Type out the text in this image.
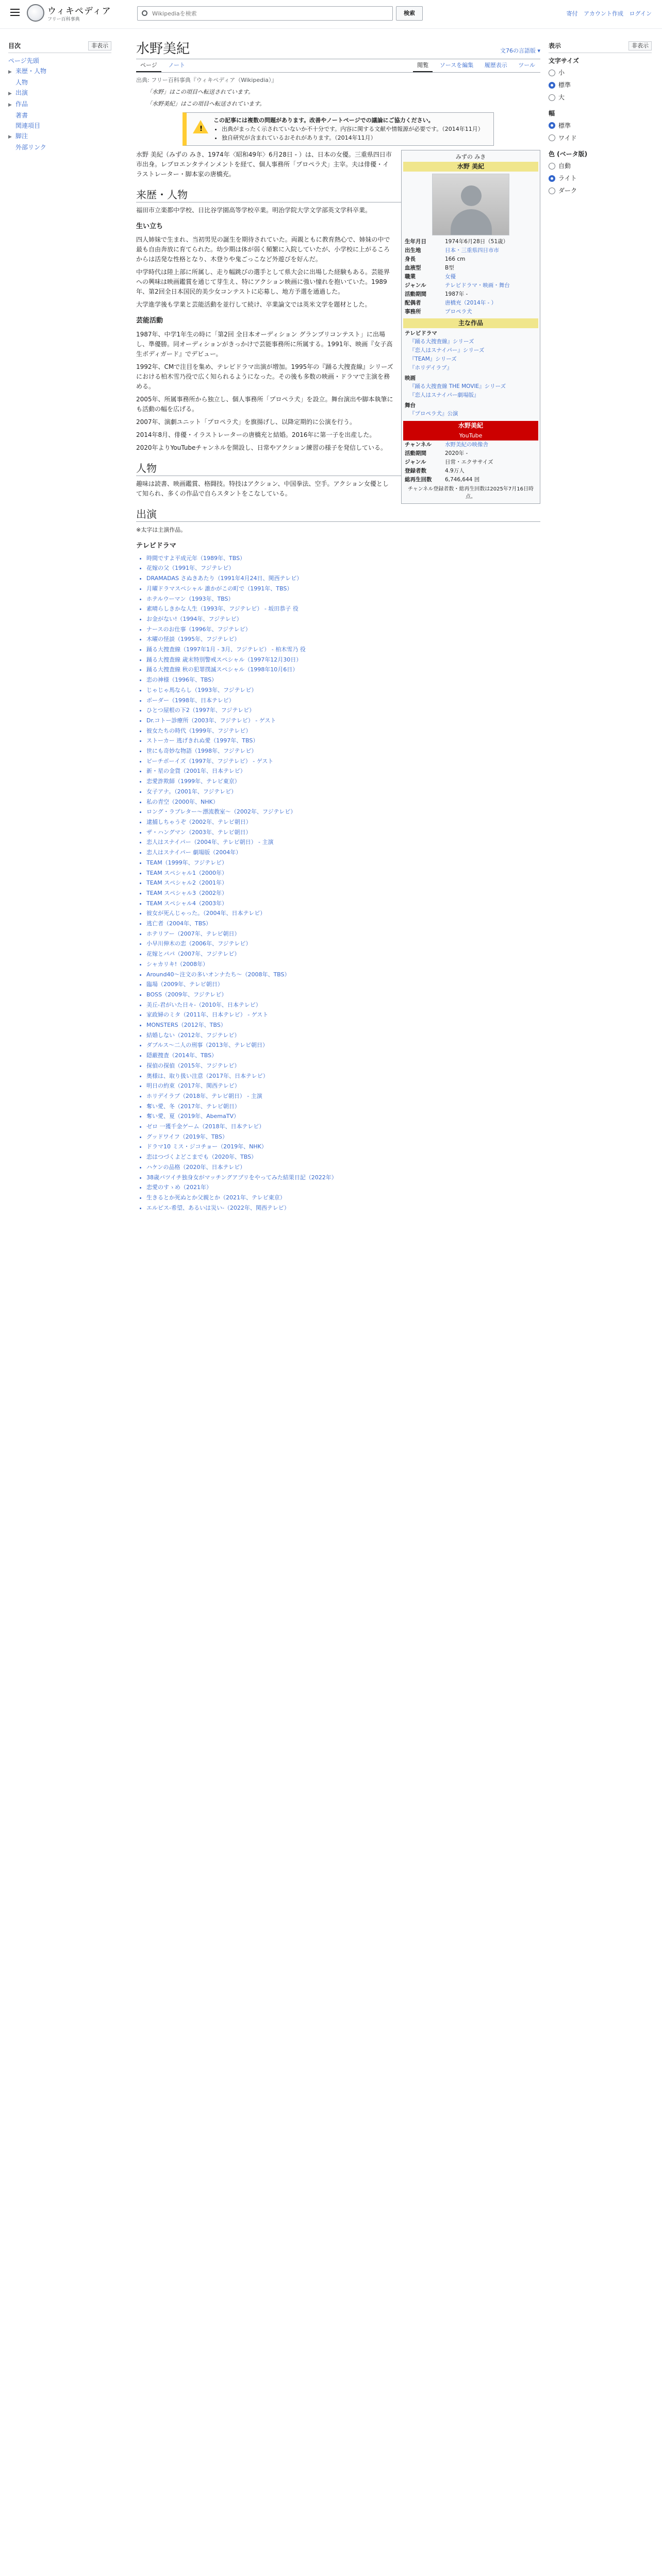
ウィキペディア
フリー百科事典
Wikipediaを検索
検索	寄付 アカウント作成 ログイン
目次	非表示
ページ先頭
▶ 来歴・人物
人物
▶ 出演
▶ 作品
著書
関連項目
▶ 脚注
外部リンク
表示	非表示
文字サイズ
小
標準
大
幅
標準
ワイド
色 (ベータ版)
自動
ライト
ダーク
水野美紀	文76の言語版 ▾
ページ ノート	閲覧 ソースを編集 履歴表示 ツール
出典: フリー百科事典『ウィキペディア（Wikipedia）』
「水野」はこの項目へ転送されています。
「水野美紀」はこの項目へ転送されています。
!
この記事には複数の問題があります。改善やノートページでの議論にご協力ください。
• 出典がまったく示されていないか不十分です。内容に関する文献や情報源が必要です。（2014年11月）
• 独自研究が含まれているおそれがあります。（2014年11月）
みずの みき
水野 美紀
生年月日	1974年6月28日（51歳）
出生地	日本・三重県四日市市
身長	166 cm
血液型	B型
職業	女優
ジャンル	テレビドラマ・映画・舞台
活動期間	1987年 -
配偶者	唐橋充（2014年 - ）
事務所	プロペラ犬
主な作品
テレビドラマ
『踊る大捜査線』シリーズ
『恋人はスナイパー』シリーズ
『TEAM』シリーズ
『ホリデイラブ』
映画
『踊る大捜査線 THE MOVIE』シリーズ
『恋人はスナイパー劇場版』
舞台
『プロペラ犬』公演
水野美紀
YouTube
チャンネル	水野美紀の映像舎
活動期間	2020年 -
ジャンル	日常・エクササイズ
登録者数	4.9万人
総再生回数	6,746,644 回
チャンネル登録者数・総再生回数は2025年7月16日時点。

水野 美紀（みずの みき、1974年〈昭和49年〉6月28日 - ）は、日本の女優。三重県四日市市出身。レプロエンタテインメントを経て、個人事務所「プロペラ犬」主宰。夫は俳優・イラストレーター・脚本家の唐橋充。

来歴・人物

福田市立楽都中学校、日比谷学園高等学校卒業。明治学院大学文学部英文学科卒業。

生い立ち

四人姉妹で生まれ、当初男児の誕生を期待されていた。両親ともに教育熱心で、姉妹の中で最も自由奔放に育てられた。幼少期は体が弱く頻繁に入院していたが、小学校に上がるころからは活発な性格となり、木登りや鬼ごっこなど外遊びを好んだ。

中学時代は陸上部に所属し、走り幅跳びの選手として県大会に出場した経験もある。芸能界への興味は映画鑑賞を通じて芽生え、特にアクション映画に強い憧れを抱いていた。1989年、第2回全日本国民的美少女コンテストに応募し、地方予選を通過した。

大学進学後も学業と芸能活動を並行して続け、卒業論文では英米文学を題材とした。

芸能活動

1987年、中学1年生の時に「第2回 全日本オーディション グランプリコンテスト」に出場し、準優勝。同オーディションがきっかけで芸能事務所に所属する。1991年、映画『女子高生ボディガード』でデビュー。

1992年、CMで注目を集め、テレビドラマ出演が増加。1995年の『踊る大捜査線』シリーズにおける柏木雪乃役で広く知られるようになった。その後も多数の映画・ドラマで主演を務める。

2005年、所属事務所から独立し、個人事務所「プロペラ犬」を設立。舞台演出や脚本執筆にも活動の幅を広げる。

2007年、演劇ユニット「プロペラ犬」を旗揚げし、以降定期的に公演を行う。

2014年8月、俳優・イラストレーターの唐橋充と結婚。2016年に第一子を出産した。

2020年よりYouTubeチャンネルを開設し、日常やアクション練習の様子を発信している。

人物

趣味は読書、映画鑑賞、格闘技。特技はアクション、中国拳法、空手。アクション女優として知られ、多くの作品で自らスタントをこなしている。

出演

※太字は主演作品。

テレビドラマ
• 時間ですよ平成元年（1989年、TBS）
• 花嫁の父（1991年、フジテレビ）
• DRAMADAS さぬきあたり（1991年4月24日、関西テレビ）
• 月曜ドラマスペシャル 誰かがこの町で（1991年、TBS）
• ホテルウーマン（1993年、TBS）
• 素晴らしきかな人生（1993年、フジテレビ） - 坂田恭子 役
• お金がない!（1994年、フジテレビ）
• ナースのお仕事（1996年、フジテレビ）
• 木曜の怪談（1995年、フジテレビ）
• 踊る大捜査線（1997年1月 - 3月、フジテレビ） - 柏木雪乃 役
• 踊る大捜査線 歳末特別警戒スペシャル（1997年12月30日）
• 踊る大捜査線 秋の犯罪撲滅スペシャル（1998年10月6日）
• 恋の神様（1996年、TBS）
• じゃじゃ馬ならし（1993年、フジテレビ）
• ボーダー（1998年、日本テレビ）
• ひとつ屋根の下2（1997年、フジテレビ）
• Dr.コトー診療所（2003年、フジテレビ） - ゲスト
• 彼女たちの時代（1999年、フジテレビ）
• ストーカー 逃げきれぬ愛（1997年、TBS）
• 世にも奇妙な物語（1998年、フジテレビ）
• ビーチボーイズ（1997年、フジテレビ） - ゲスト
• 新・星の金貨（2001年、日本テレビ）
• 恋愛詐欺師（1999年、テレビ東京）
• 女子アナ。（2001年、フジテレビ）
• 私の青空（2000年、NHK）
• ロング・ラブレター〜漂流教室〜（2002年、フジテレビ）
• 逮捕しちゃうぞ（2002年、テレビ朝日）
• ザ・ハングマン（2003年、テレビ朝日）
• 恋人はスナイパー（2004年、テレビ朝日） - 主演
• 恋人はスナイパー 劇場版（2004年）
• TEAM（1999年、フジテレビ）
• TEAM スペシャル1（2000年）
• TEAM スペシャル2（2001年）
• TEAM スペシャル3（2002年）
• TEAM スペシャル4（2003年）
• 彼女が死んじゃった。（2004年、日本テレビ）
• 逃亡者（2004年、TBS）
• ホテリアー（2007年、テレビ朝日）
• 小早川伸木の恋（2006年、フジテレビ）
• 花嫁とパパ（2007年、フジテレビ）
• シャカリキ!（2008年）
• Around40〜注文の多いオンナたち〜（2008年、TBS）
• 臨場（2009年、テレビ朝日）
• BOSS（2009年、フジテレビ）
• 美丘-君がいた日々-（2010年、日本テレビ）
• 家政婦のミタ（2011年、日本テレビ） - ゲスト
• MONSTERS（2012年、TBS）
• 結婚しない（2012年、フジテレビ）
• ダブルス〜二人の刑事（2013年、テレビ朝日）
• 隠蔽捜査（2014年、TBS）
• 探偵の探偵（2015年、フジテレビ）
• 奥様は、取り扱い注意（2017年、日本テレビ）
• 明日の約束（2017年、関西テレビ）
• ホリデイラブ（2018年、テレビ朝日） - 主演
• 奪い愛、冬（2017年、テレビ朝日）
• 奪い愛、夏（2019年、AbemaTV）
• ゼロ 一獲千金ゲーム（2018年、日本テレビ）
• グッドワイフ（2019年、TBS）
• ドラマ10 ミス・ジコチョー（2019年、NHK）
• 恋はつづくよどこまでも（2020年、TBS）
• ハケンの品格（2020年、日本テレビ）
• 38歳バツイチ独身女がマッチングアプリをやってみた結果日記（2022年）
• 恋愛のすゝめ（2021年）
• 生きるとか死ぬとか父親とか（2021年、テレビ東京）
• エルピス-希望、あるいは災い-（2022年、関西テレビ）
